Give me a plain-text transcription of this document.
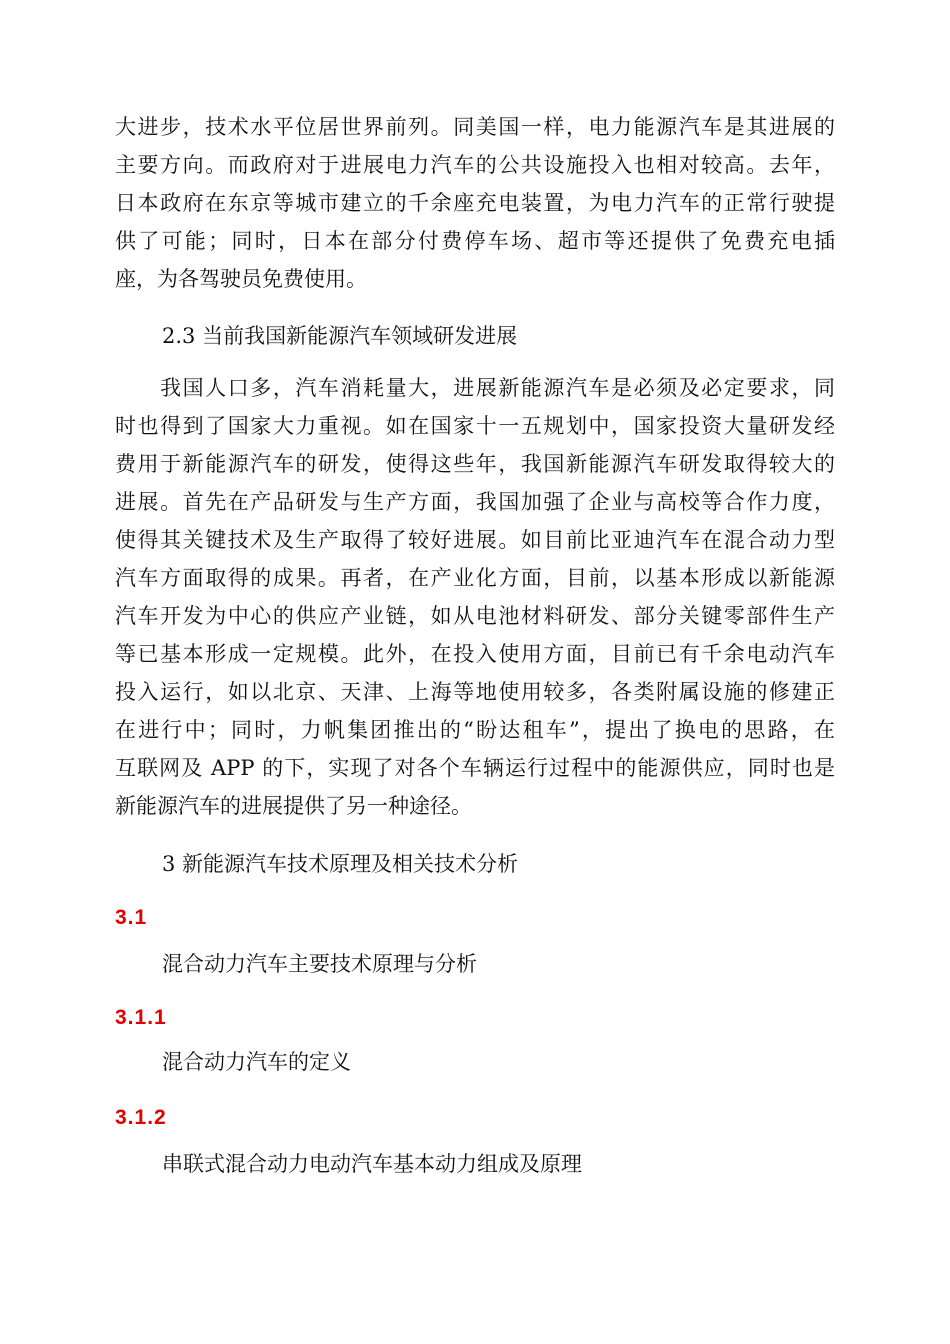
大进步，技术水平位居世界前列。同美国一样，电力能源汽车是其进展的
主要方向。而政府对于进展电力汽车的公共设施投入也相对较高。去年，
日本政府在东京等城市建立的千余座充电装置，为电力汽车的正常行驶提
供了可能；同时，日本在部分付费停车场、超市等还提供了免费充电插
座，为各驾驶员免费使用。
2.3 当前我国新能源汽车领域研发进展
　　我国人口多，汽车消耗量大，进展新能源汽车是必须及必定要求，同
时也得到了国家大力重视。如在国家十一五规划中，国家投资大量研发经
费用于新能源汽车的研发，使得这些年，我国新能源汽车研发取得较大的
进展。首先在产品研发与生产方面，我国加强了企业与高校等合作力度，
使得其关键技术及生产取得了较好进展。如目前比亚迪汽车在混合动力型
汽车方面取得的成果。再者，在产业化方面，目前，以基本形成以新能源
汽车开发为中心的供应产业链，如从电池材料研发、部分关键零部件生产
等已基本形成一定规模。此外，在投入使用方面，目前已有千余电动汽车
投入运行，如以北京、天津、上海等地使用较多，各类附属设施的修建正
在进行中；同时，力帆集团推出的“盼达租车”，提出了换电的思路，在
互联网及 APP 的下，实现了对各个车辆运行过程中的能源供应，同时也是
新能源汽车的进展提供了另一种途径。
3 新能源汽车技术原理及相关技术分析
3.1
混合动力汽车主要技术原理与分析
3.1.1
混合动力汽车的定义
3.1.2
串联式混合动力电动汽车基本动力组成及原理
